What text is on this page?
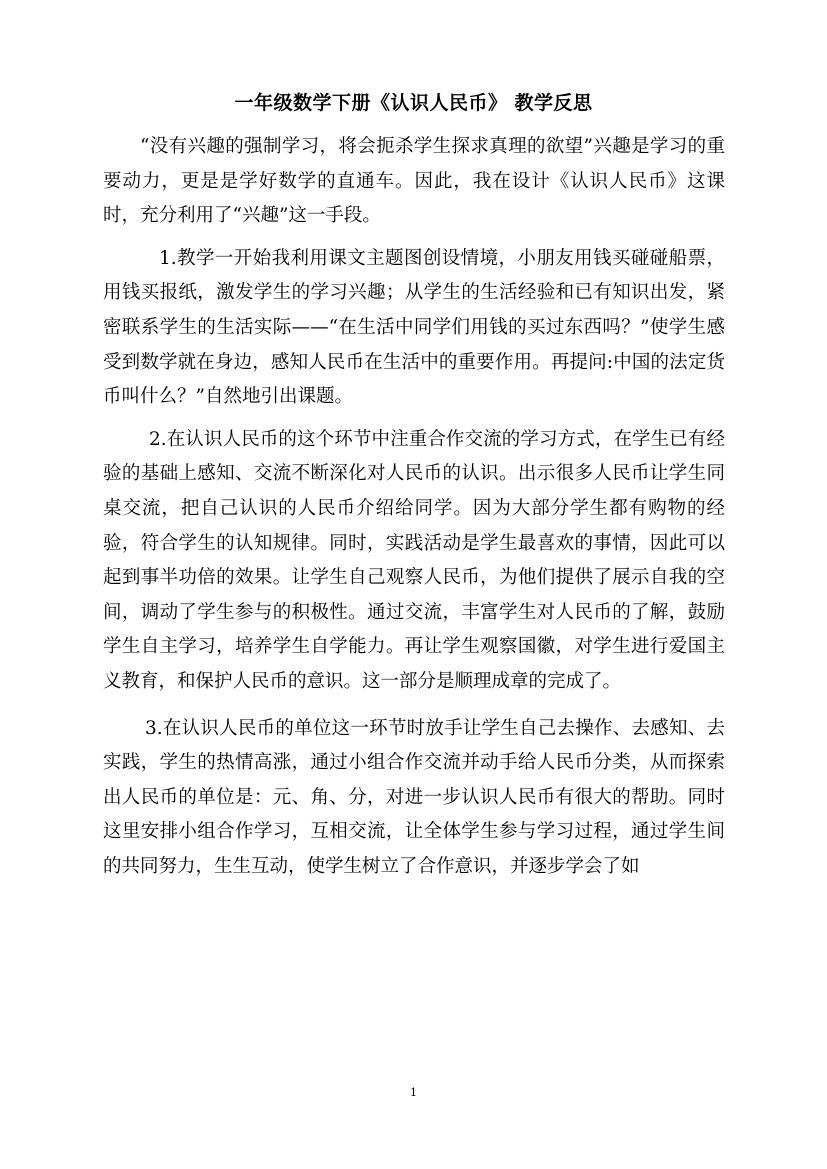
一年级数学下册《认识人民币》 教学反思

“没有兴趣的强制学习，将会扼杀学生探求真理的欲望”兴趣是学习的重要动力，更是是学好数学的直通车。因此，我在设计《认识人民币》这课时，充分利用了“兴趣”这一手段。

1.教学一开始我利用课文主题图创设情境，小朋友用钱买碰碰船票，用钱买报纸，激发学生的学习兴趣；从学生的生活经验和已有知识出发，紧密联系学生的生活实际——“在生活中同学们用钱的买过东西吗？”使学生感受到数学就在身边，感知人民币在生活中的重要作用。再提问:中国的法定货币叫什么？”自然地引出课题。

2.在认识人民币的这个环节中注重合作交流的学习方式，在学生已有经验的基础上感知、交流不断深化对人民币的认识。出示很多人民币让学生同桌交流，把自己认识的人民币介绍给同学。因为大部分学生都有购物的经验，符合学生的认知规律。同时，实践活动是学生最喜欢的事情，因此可以起到事半功倍的效果。让学生自己观察人民币，为他们提供了展示自我的空间，调动了学生参与的积极性。通过交流，丰富学生对人民币的了解，鼓励学生自主学习，培养学生自学能力。再让学生观察国徽，对学生进行爱国主义教育，和保护人民币的意识。这一部分是顺理成章的完成了。

3.在认识人民币的单位这一环节时放手让学生自己去操作、去感知、去实践，学生的热情高涨，通过小组合作交流并动手给人民币分类，从而探索出人民币的单位是：元、角、分，对进一步认识人民币有很大的帮助。同时这里安排小组合作学习，互相交流，让全体学生参与学习过程，通过学生间的共同努力，生生互动，使学生树立了合作意识，并逐步学会了如

1
